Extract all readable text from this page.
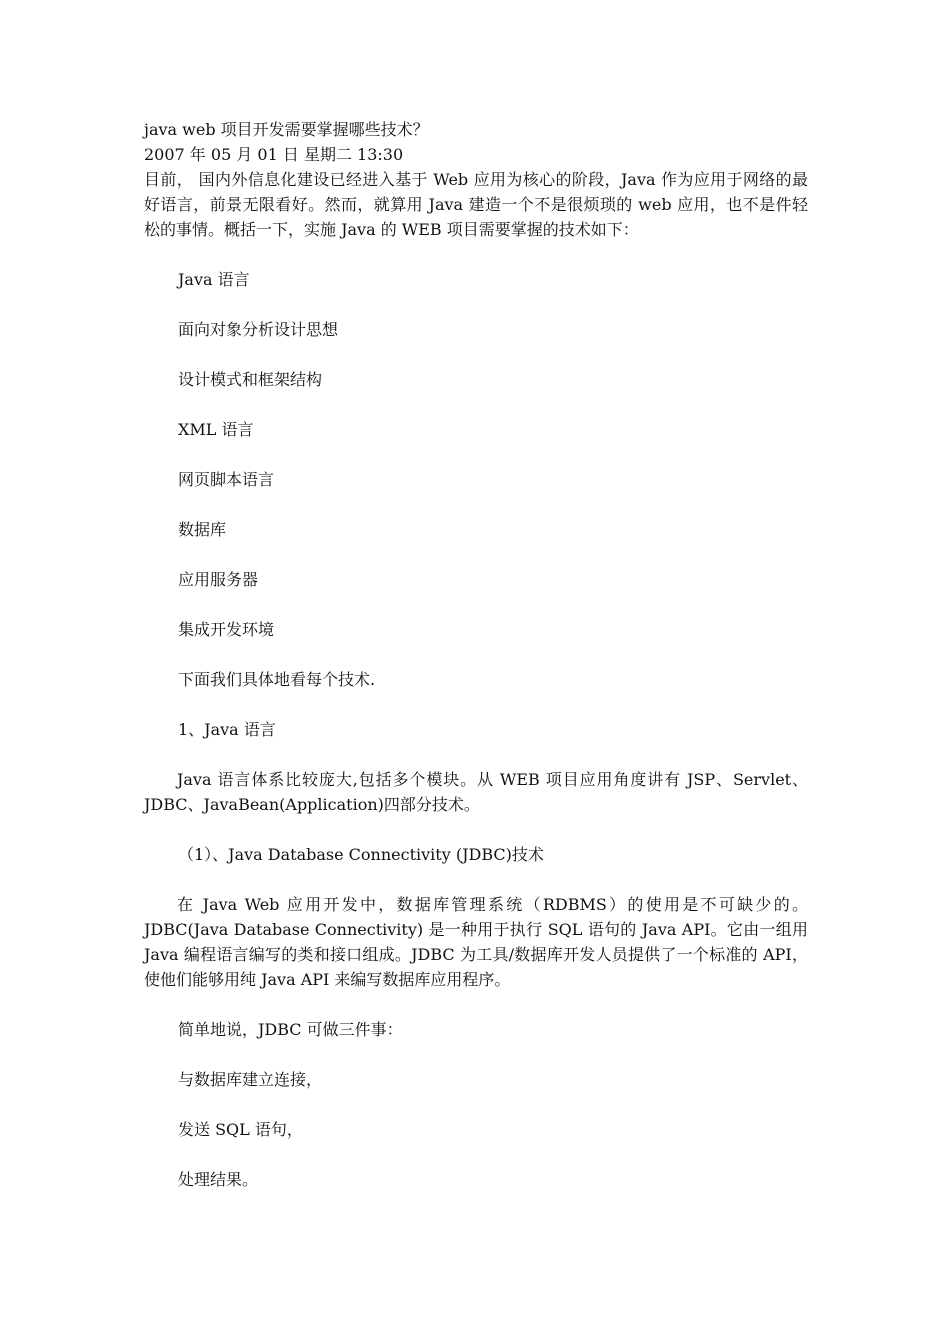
java web 项目开发需要掌握哪些技术？

2007 年 05 月 01 日 星期二 13:30

目前， 国内外信息化建设已经进入基于 Web 应用为核心的阶段，Java 作为应用于网络的最好语言，前景无限看好。然而，就算用 Java 建造一个不是很烦琐的 web 应用，也不是件轻松的事情。概括一下，实施 Java 的 WEB 项目需要掌握的技术如下：

Java 语言

面向对象分析设计思想

设计模式和框架结构

XML 语言

网页脚本语言

数据库

应用服务器

集成开发环境

下面我们具体地看每个技术.

1、Java 语言

Java 语言体系比较庞大,包括多个模块。从 WEB 项目应用角度讲有 JSP、Servlet、JDBC、JavaBean(Application)四部分技术。

（1）、Java Database Connectivity (JDBC)技术

在 Java Web 应用开发中，数据库管理系统（RDBMS）的使用是不可缺少的。JDBC(Java Database Connectivity) 是一种用于执行 SQL 语句的 Java API。它由一组用 Java 编程语言编写的类和接口组成。JDBC 为工具/数据库开发人员提供了一个标准的 API，使他们能够用纯 Java API 来编写数据库应用程序。

简单地说，JDBC 可做三件事：

与数据库建立连接，

发送 SQL 语句，

处理结果。
